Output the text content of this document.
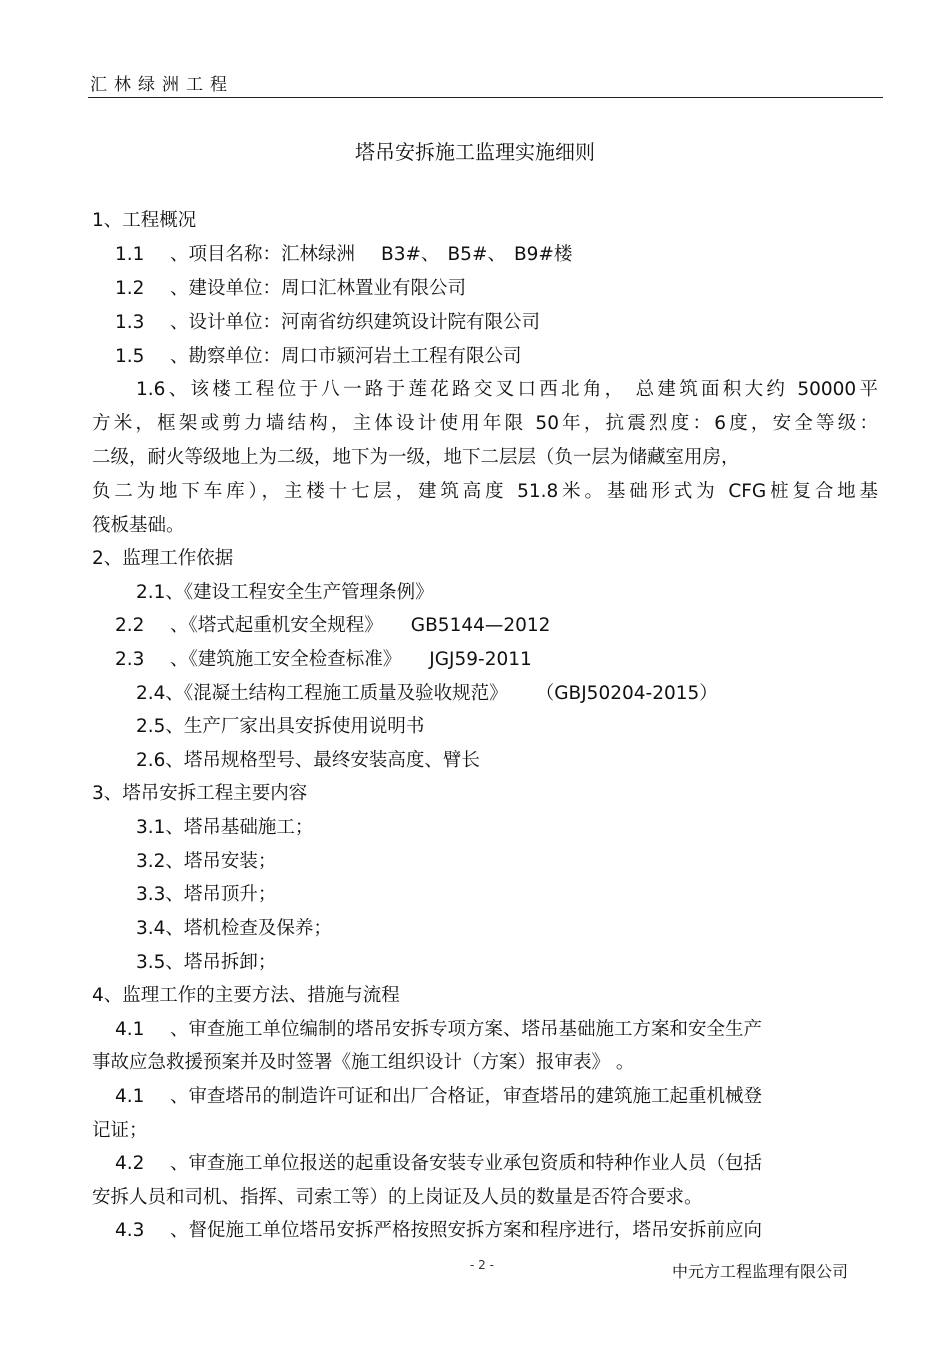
汇林绿洲工程
塔吊安拆施工监理实施细则
1、工程概况
1.1 、项目名称：汇林绿洲 B3#、 B5#、 B9#楼
1.2 、建设单位：周口汇林置业有限公司
1.3 、设计单位：河南省纺织建筑设计院有限公司
1.5 、勘察单位：周口市颍河岩土工程有限公司
1.6、该楼工程位于八一路于莲花路交叉口西北角， 总建筑面积大约 50000平
方米，框架或剪力墙结构，主体设计使用年限 50年，抗震烈度：6度，安全等级：
二级，耐火等级地上为二级，地下为一级，地下二层层（负一层为储藏室用房，
负二为地下车库），主楼十七层，建筑高度 51.8米。基础形式为 CFG桩复合地基
筏板基础。
2、监理工作依据
2.1、《建设工程安全生产管理条例》
2.2 、《塔式起重机安全规程》 GB5144—2012
2.3 、《建筑施工安全检查标准》 JGJ59-2011
2.4、《混凝土结构工程施工质量及验收规范》 （GBJ50204-2015）
2.5、生产厂家出具安拆使用说明书
2.6、塔吊规格型号、最终安装高度、臂长
3、塔吊安拆工程主要内容
3.1、塔吊基础施工；
3.2、塔吊安装；
3.3、塔吊顶升；
3.4、塔机检查及保养；
3.5、塔吊拆卸；
4、监理工作的主要方法、措施与流程
4.1 、审查施工单位编制的塔吊安拆专项方案、塔吊基础施工方案和安全生产
事故应急救援预案并及时签署《施工组织设计（方案）报审表》 。
4.1 、审查塔吊的制造许可证和出厂合格证，审查塔吊的建筑施工起重机械登
记证；
4.2 、审查施工单位报送的起重设备安装专业承包资质和特种作业人员（包括
安拆人员和司机、指挥、司索工等）的上岗证及人员的数量是否符合要求。
4.3 、督促施工单位塔吊安拆严格按照安拆方案和程序进行，塔吊安拆前应向
- 2 -	中元方工程监理有限公司
